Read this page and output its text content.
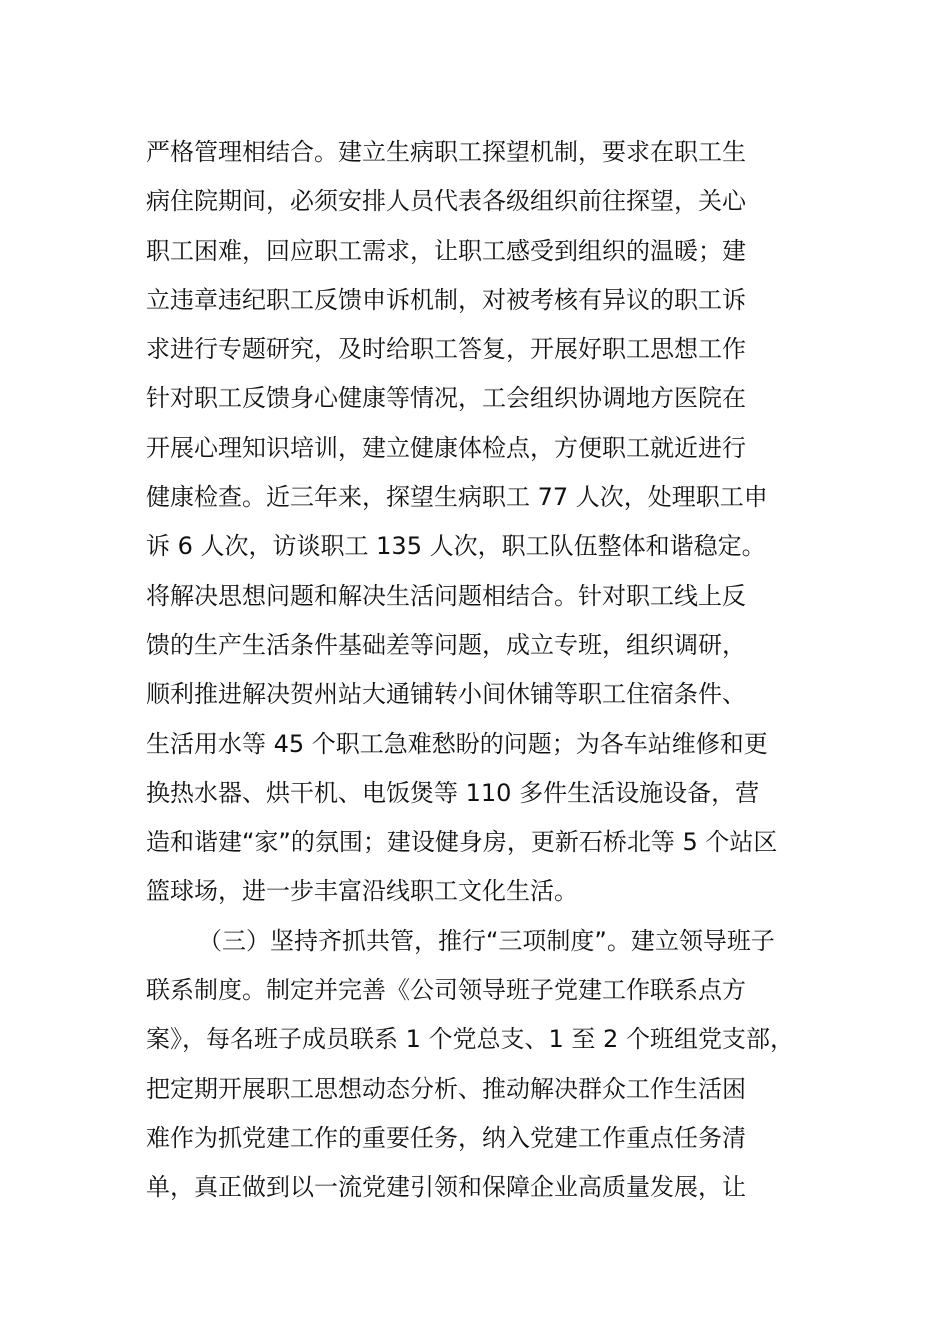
严格管理相结合。建立生病职工探望机制，要求在职工生
病住院期间，必须安排人员代表各级组织前往探望，关心
职工困难，回应职工需求，让职工感受到组织的温暖；建
立违章违纪职工反馈申诉机制，对被考核有异议的职工诉
求进行专题研究，及时给职工答复，开展好职工思想工作
针对职工反馈身心健康等情况，工会组织协调地方医院在
开展心理知识培训，建立健康体检点，方便职工就近进行
健康检查。近三年来，探望生病职工 77 人次，处理职工申
诉 6 人次，访谈职工 135 人次，职工队伍整体和谐稳定。
将解决思想问题和解决生活问题相结合。针对职工线上反
馈的生产生活条件基础差等问题，成立专班，组织调研，
顺利推进解决贺州站大通铺转小间休铺等职工住宿条件、
生活用水等 45 个职工急难愁盼的问题；为各车站维修和更
换热水器、烘干机、电饭煲等 110 多件生活设施设备，营
造和谐建“家”的氛围；建设健身房，更新石桥北等 5 个站区
篮球场，进一步丰富沿线职工文化生活。
（三）坚持齐抓共管，推行“三项制度”。建立领导班子
联系制度。制定并完善《公司领导班子党建工作联系点方
案》，每名班子成员联系 1 个党总支、1 至 2 个班组党支部，
把定期开展职工思想动态分析、推动解决群众工作生活困
难作为抓党建工作的重要任务，纳入党建工作重点任务清
单，真正做到以一流党建引领和保障企业高质量发展，让
